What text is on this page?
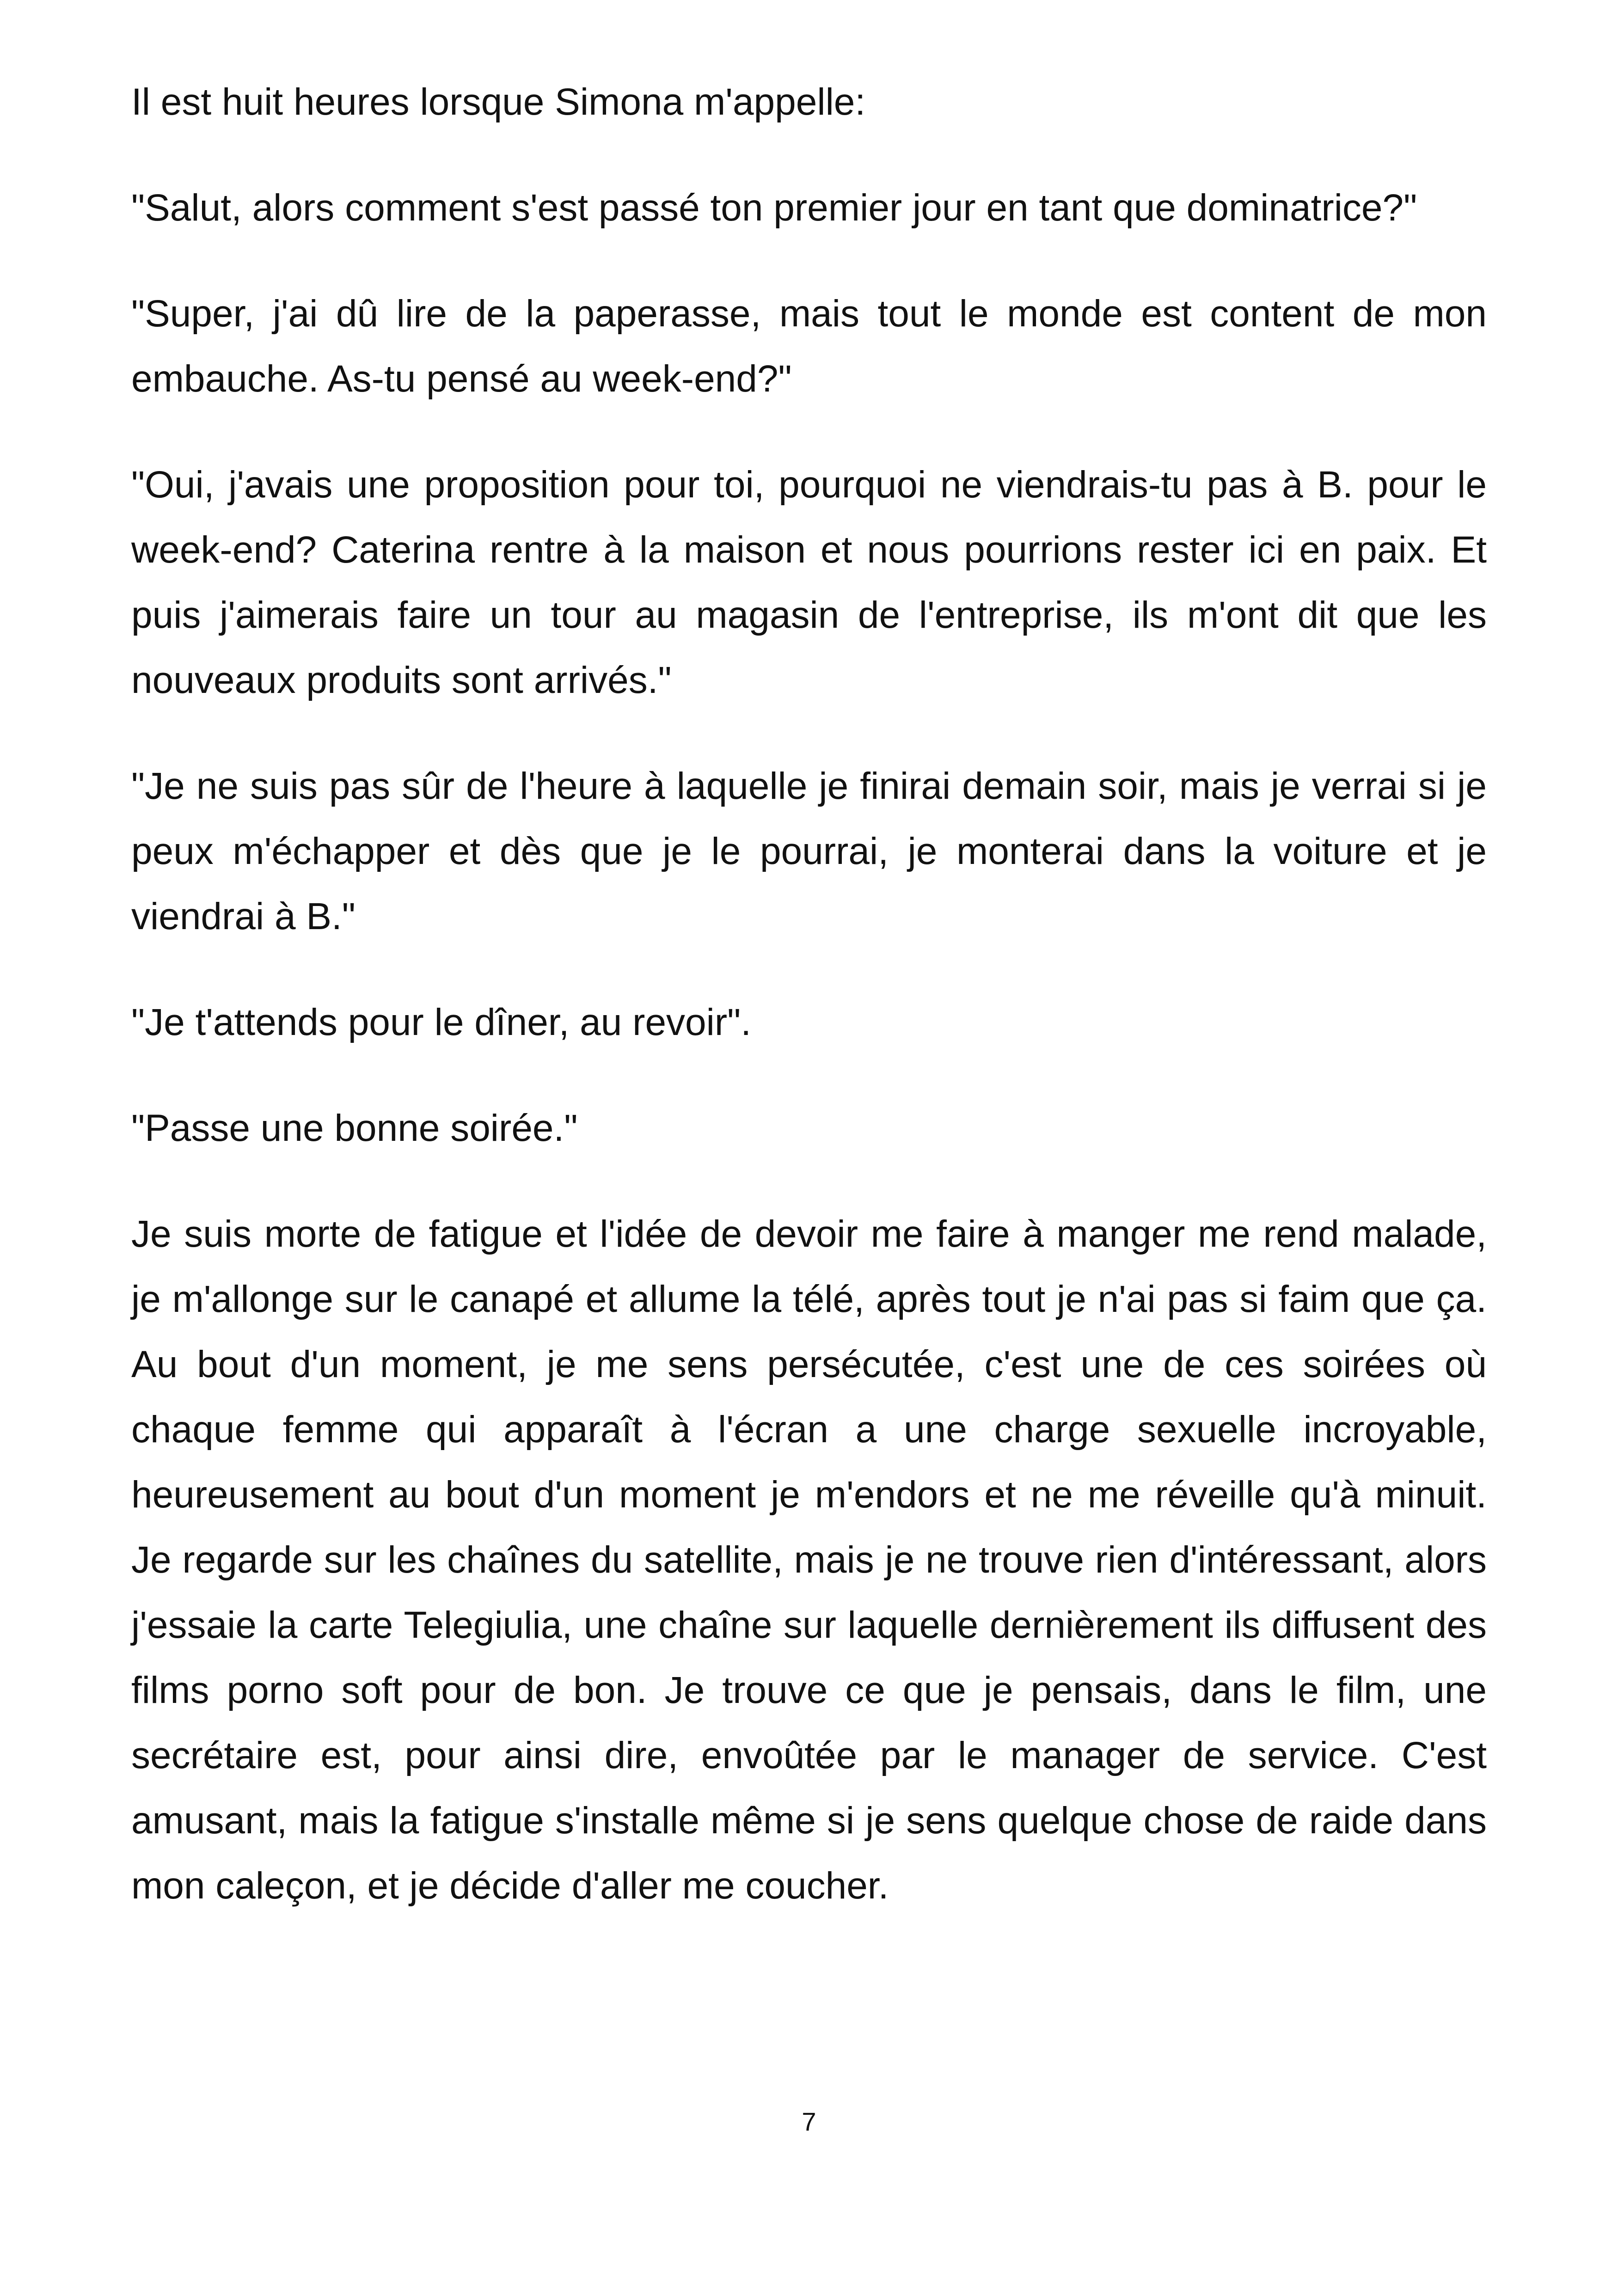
Il est huit heures lorsque Simona m'appelle:

"Salut, alors comment s'est passé ton premier jour en tant que dominatrice?"

"Super, j'ai dû lire de la paperasse, mais tout le monde est content de mon embauche. As-tu pensé au week-end?"

"Oui, j'avais une proposition pour toi, pourquoi ne viendrais-tu pas à B. pour le week-end? Caterina rentre à la maison et nous pourrions rester ici en paix. Et puis j'aimerais faire un tour au magasin de l'entreprise, ils m'ont dit que les nouveaux produits sont arrivés."

"Je ne suis pas sûr de l'heure à laquelle je finirai demain soir, mais je verrai si je peux m'échapper et dès que je le pourrai, je monterai dans la voiture et je viendrai à B."

"Je t'attends pour le dîner, au revoir".

"Passe une bonne soirée."

Je suis morte de fatigue et l'idée de devoir me faire à manger me rend malade, je m'allonge sur le canapé et allume la télé, après tout je n'ai pas si faim que ça. Au bout d'un moment, je me sens persécutée, c'est une de ces soirées où chaque femme qui apparaît à l'écran a une charge sexuelle incroyable, heureusement au bout d'un moment je m'endors et ne me réveille qu'à minuit. Je regarde sur les chaînes du satellite, mais je ne trouve rien d'intéressant, alors j'essaie la carte Telegiulia, une chaîne sur laquelle dernièrement ils diffusent des films porno soft pour de bon. Je trouve ce que je pensais, dans le film, une secrétaire est, pour ainsi dire, envoûtée par le manager de service. C'est amusant, mais la fatigue s'installe même si je sens quelque chose de raide dans mon caleçon, et je décide d'aller me coucher.

7
